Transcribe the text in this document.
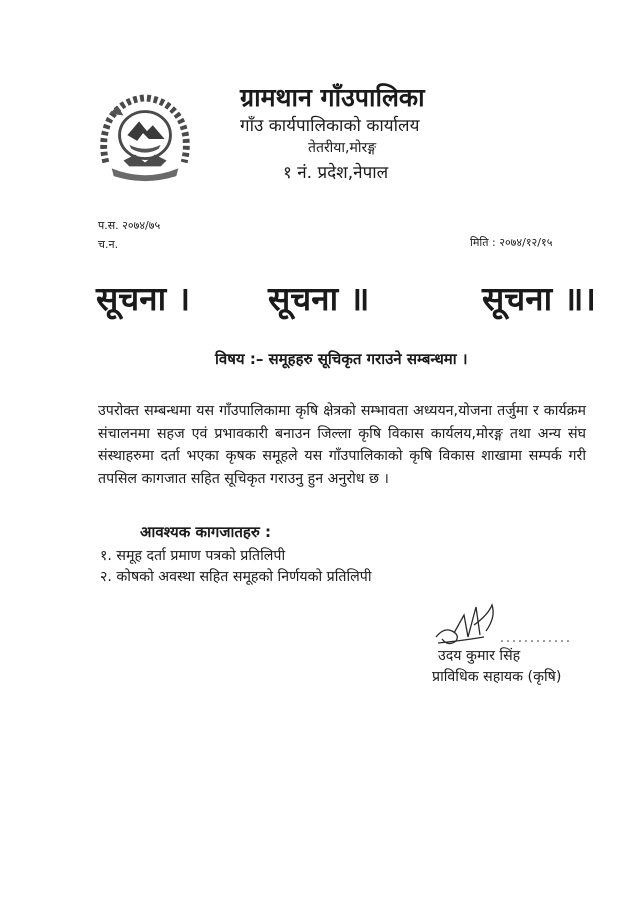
ग्रामथान गाँउपालिका
गाँउ कार्यपालिकाको कार्यालय
तेतरीया,मोरङ्ग
१ नं. प्रदेश,नेपाल
प.स. २०७४/७५
च.न.	मिति : २०७४/१२/१५
सूचना । सूचना ॥	सूचना ॥।
विषय :– समूहहरु सूचिकृत गराउने सम्बन्धमा ।
उपरोक्त सम्बन्धमा यस गाँउपालिकामा कृषि क्षेत्रको सम्भावता अध्ययन,योजना तर्जुमा र कार्यक्रम संचालनमा सहज एवं प्रभावकारी बनाउन जिल्ला कृषि विकास कार्यलय,मोरङ्ग तथा अन्य संघ संस्थाहरुमा दर्ता भएका कृषक समूहले यस गाँउपालिकाको कृषि विकास शाखामा सम्पर्क गरी तपसिल कागजात सहित सूचिकृत गराउनु हुन अनुरोध छ ।
आवश्यक कागजातहरु :
१. समूह दर्ता प्रमाण पत्रको प्रतिलिपी
२. कोषको अवस्था सहित समूहको निर्णयको प्रतिलिपी
उदय कुमार सिंह
प्राविधिक सहायक (कृषि)
